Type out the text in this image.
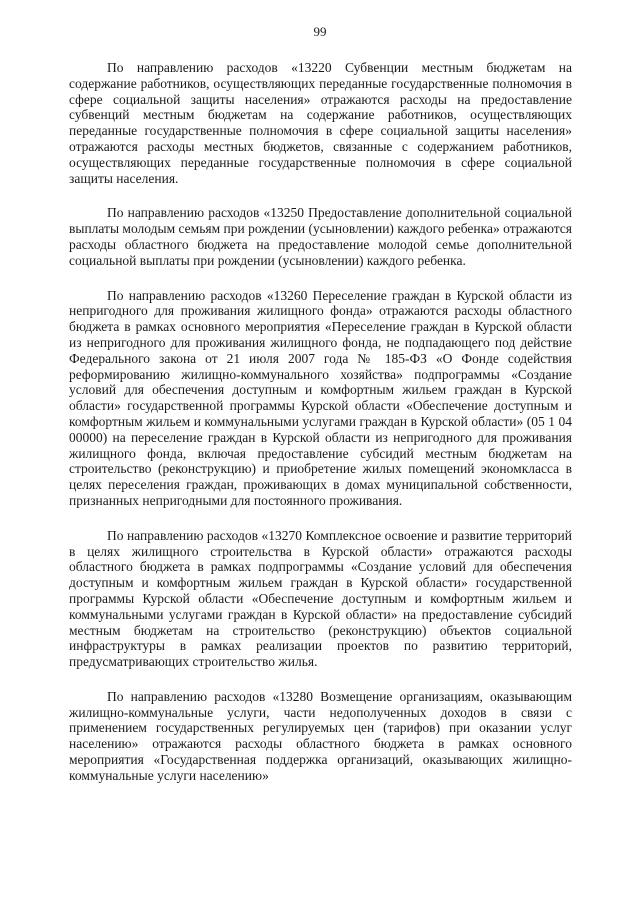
99

По направлению расходов «13220 Субвенции местным бюджетам на содержание работников, осуществляющих переданные государственные полномочия в сфере социальной защиты населения» отражаются расходы на предоставление субвенций местным бюджетам на содержание работников, осуществляющих переданные государственные полномочия в сфере социальной защиты населения» отражаются расходы местных бюджетов, связанные с содержанием работников, осуществляющих переданные государственные полномочия в сфере социальной защиты населения.

По направлению расходов «13250 Предоставление дополнительной социальной выплаты молодым семьям при рождении (усыновлении) каждого ребенка» отражаются расходы областного бюджета на предоставление молодой семье дополнительной социальной выплаты при рождении (усыновлении) каждого ребенка.

По направлению расходов «13260 Переселение граждан в Курской области из непригодного для проживания жилищного фонда» отражаются расходы областного бюджета в рамках основного мероприятия «Переселение граждан в Курской области из непригодного для проживания жилищного фонда, не подпадающего под действие Федерального закона от 21 июля 2007 года № 185-ФЗ «О Фонде содействия реформированию жилищно-коммунального хозяйства» подпрограммы «Создание условий для обеспечения доступным и комфортным жильем граждан в Курской области» государственной программы Курской области «Обеспечение доступным и комфортным жильем и коммунальными услугами граждан в Курской области» (05 1 04 00000) на переселение граждан в Курской области из непригодного для проживания жилищного фонда, включая предоставление субсидий местным бюджетам на строительство (реконструкцию) и приобретение жилых помещений экономкласса в целях переселения граждан, проживающих в домах муниципальной собственности, признанных непригодными для постоянного проживания.

По направлению расходов «13270 Комплексное освоение и развитие территорий в целях жилищного строительства в Курской области» отражаются расходы областного бюджета в рамках подпрограммы «Создание условий для обеспечения доступным и комфортным жильем граждан в Курской области» государственной программы Курской области «Обеспечение доступным и комфортным жильем и коммунальными услугами граждан в Курской области» на предоставление субсидий местным бюджетам на строительство (реконструкцию) объектов социальной инфраструктуры в рамках реализации проектов по развитию территорий, предусматривающих строительство жилья.

По направлению расходов «13280 Возмещение организациям, оказывающим жилищно-коммунальные услуги, части недополученных доходов в связи с применением государственных регулируемых цен (тарифов) при оказании услуг населению» отражаются расходы областного бюджета в рамках основного мероприятия «Государственная поддержка организаций, оказывающих жилищно-коммунальные услуги населению»
